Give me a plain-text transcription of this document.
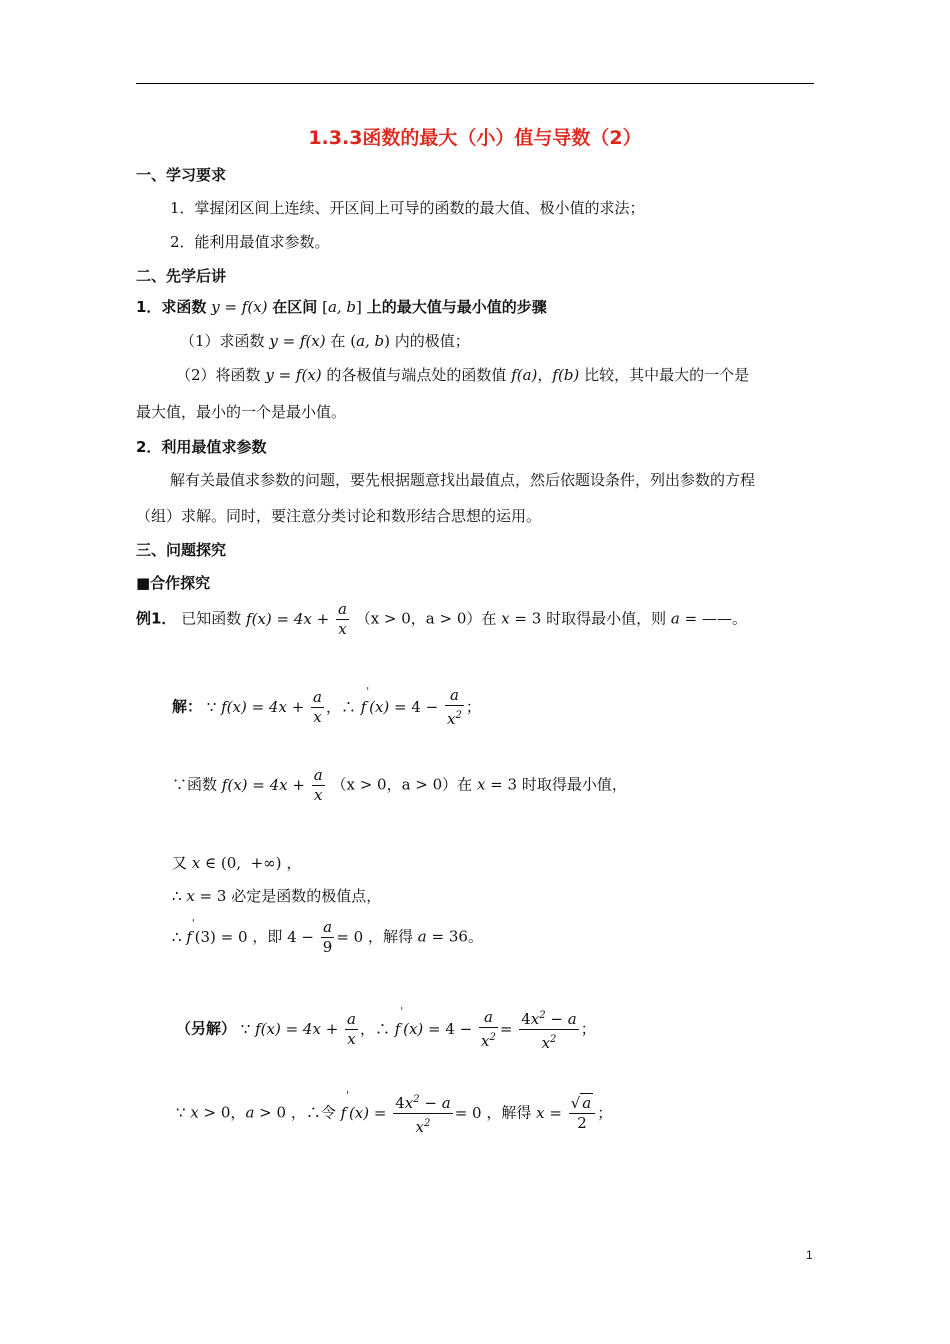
1.3.3函数的最大（小）值与导数（2）
一、学习要求
1．掌握闭区间上连续、开区间上可导的函数的最大值、极小值的求法；
2．能利用最值求参数。
二、先学后讲
1．求函数 y = f(x) 在区间 [a, b] 上的最大值与最小值的步骤
（1）求函数 y = f(x) 在 (a, b) 内的极值；
（2）将函数 y = f(x) 的各极值与端点处的函数值 f(a)，f(b) 比较，其中最大的一个是
最大值，最小的一个是最小值。
2．利用最值求参数
解有关最值求参数的问题，要先根据题意找出最值点，然后依题设条件，列出参数的方程
（组）求解。同时，要注意分类讨论和数形结合思想的运用。
三、问题探究
■合作探究
例1． 已知函数 $f(x) = 4x + \frac{a}{x} (x > 0$，a > 0）在 x = 3 时取得最小值，则 a = ——。
解： ∵ $f(x) = 4x + \frac{a}{x}$ ，∴ $f'(x) = 4 - \frac{a}{x^2}$ ；
∵函数 $f(x) = 4x + \frac{a}{x} (x > 0$，a > 0）在 x = 3 时取得最小值，
又 x ∈ (0,  +∞) ，
∴ x = 3 必定是函数的极值点，
∴ f'(3) = 0 ，即 $4 - \frac{a}{9} = 0$ ，解得 a = 36。
（另解） ∵ $f(x) = 4x + \frac{a}{x}$ ，∴ $f'(x) = 4 - \frac{a}{x^2} = \frac{4x^2 - a}{x^2}$ ；
∵ x > 0，a > 0 ，∴令 $f'(x) = \frac{4x^2 - a}{x^2} = 0$ ，解得 $x = \frac{√ a}{2}$ ；
1
